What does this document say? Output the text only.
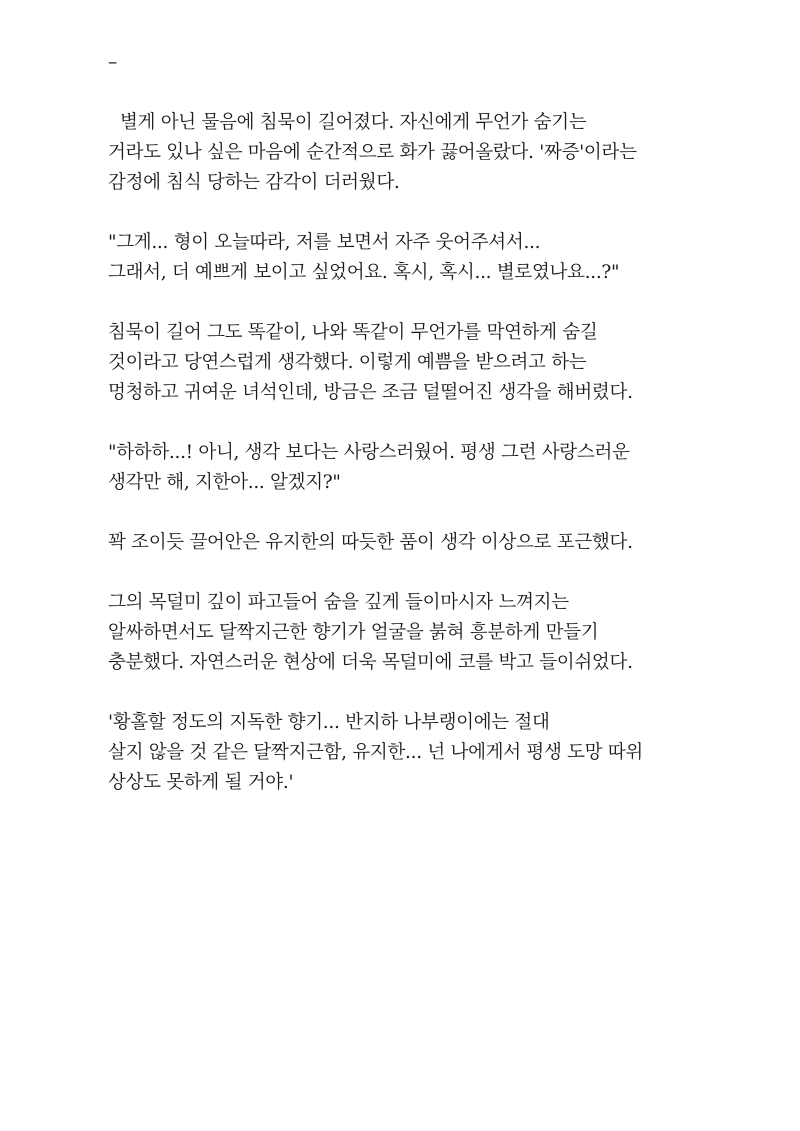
–

별게 아닌 물음에 침묵이 길어졌다. 자신에게 무언가 숨기는
거라도 있나 싶은 마음에 순간적으로 화가 끓어올랐다. '짜증'이라는
감정에 침식 당하는 감각이 더러웠다.

"그게... 형이 오늘따라, 저를 보면서 자주 웃어주셔서...
그래서, 더 예쁘게 보이고 싶었어요. 혹시, 혹시... 별로였나요...?"

침묵이 길어 그도 똑같이, 나와 똑같이 무언가를 막연하게 숨길
것이라고 당연스럽게 생각했다. 이렇게 예쁨을 받으려고 하는
멍청하고 귀여운 녀석인데, 방금은 조금 덜떨어진 생각을 해버렸다.

"하하하...! 아니, 생각 보다는 사랑스러웠어. 평생 그런 사랑스러운
생각만 해, 지한아... 알겠지?"

꽉 조이듯 끌어안은 유지한의 따듯한 품이 생각 이상으로 포근했다.

그의 목덜미 깊이 파고들어 숨을 깊게 들이마시자 느껴지는
알싸하면서도 달짝지근한 향기가 얼굴을 붉혀 흥분하게 만들기
충분했다. 자연스러운 현상에 더욱 목덜미에 코를 박고 들이쉬었다.

'황홀할 정도의 지독한 향기... 반지하 나부랭이에는 절대
살지 않을 것 같은 달짝지근함, 유지한... 넌 나에게서 평생 도망 따위
상상도 못하게 될 거야.'
